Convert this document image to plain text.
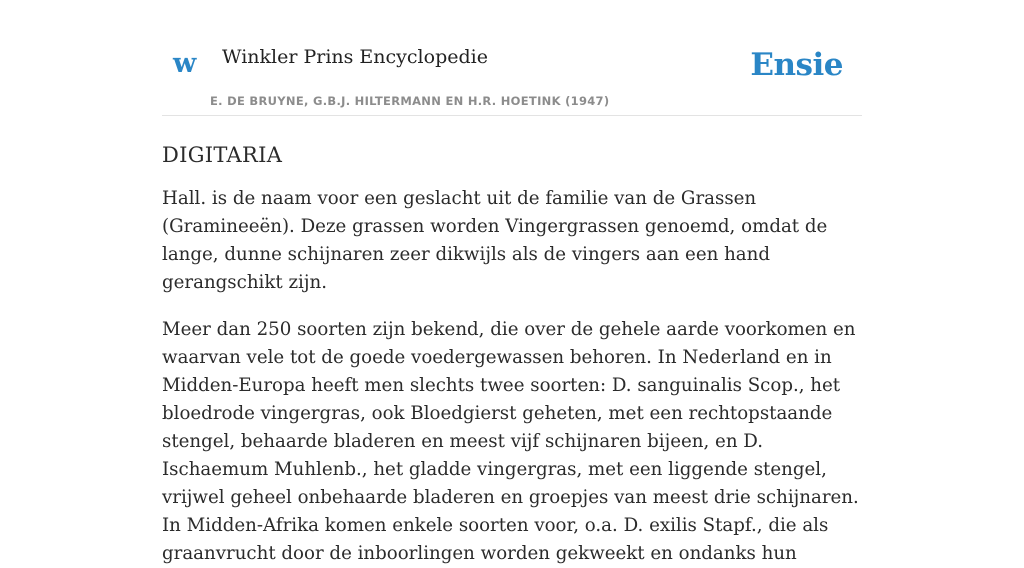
w Winkler Prins Encyclopedie
E. DE BRUYNE, G.B.J. HILTERMANN EN H.R. HOETINK (1947)
Ensie
DIGITARIA

Hall. is de naam voor een geslacht uit de familie van de Grassen (Gramineeën). Deze grassen worden Vingergrassen genoemd, omdat de lange, dunne schijnaren zeer dikwijls als de vingers aan een hand gerangschikt zijn.

Meer dan 250 soorten zijn bekend, die over de gehele aarde voorkomen en waarvan vele tot de goede voedergewassen behoren. In Nederland en in Midden-Europa heeft men slechts twee soorten: D. sanguinalis Scop., het bloedrode vingergras, ook Bloedgierst geheten, met een rechtopstaande stengel, behaarde bladeren en meest vijf schijnaren bijeen, en D. Ischaemum Muhlenb., het gladde vingergras, met een liggende stengel, vrijwel geheel onbehaarde bladeren en groepjes van meest drie schijnaren. In Midden-Afrika komen enkele soorten voor, o.a. D. exilis Stapf., die als graanvrucht door de inboorlingen worden gekweekt en ondanks hun
